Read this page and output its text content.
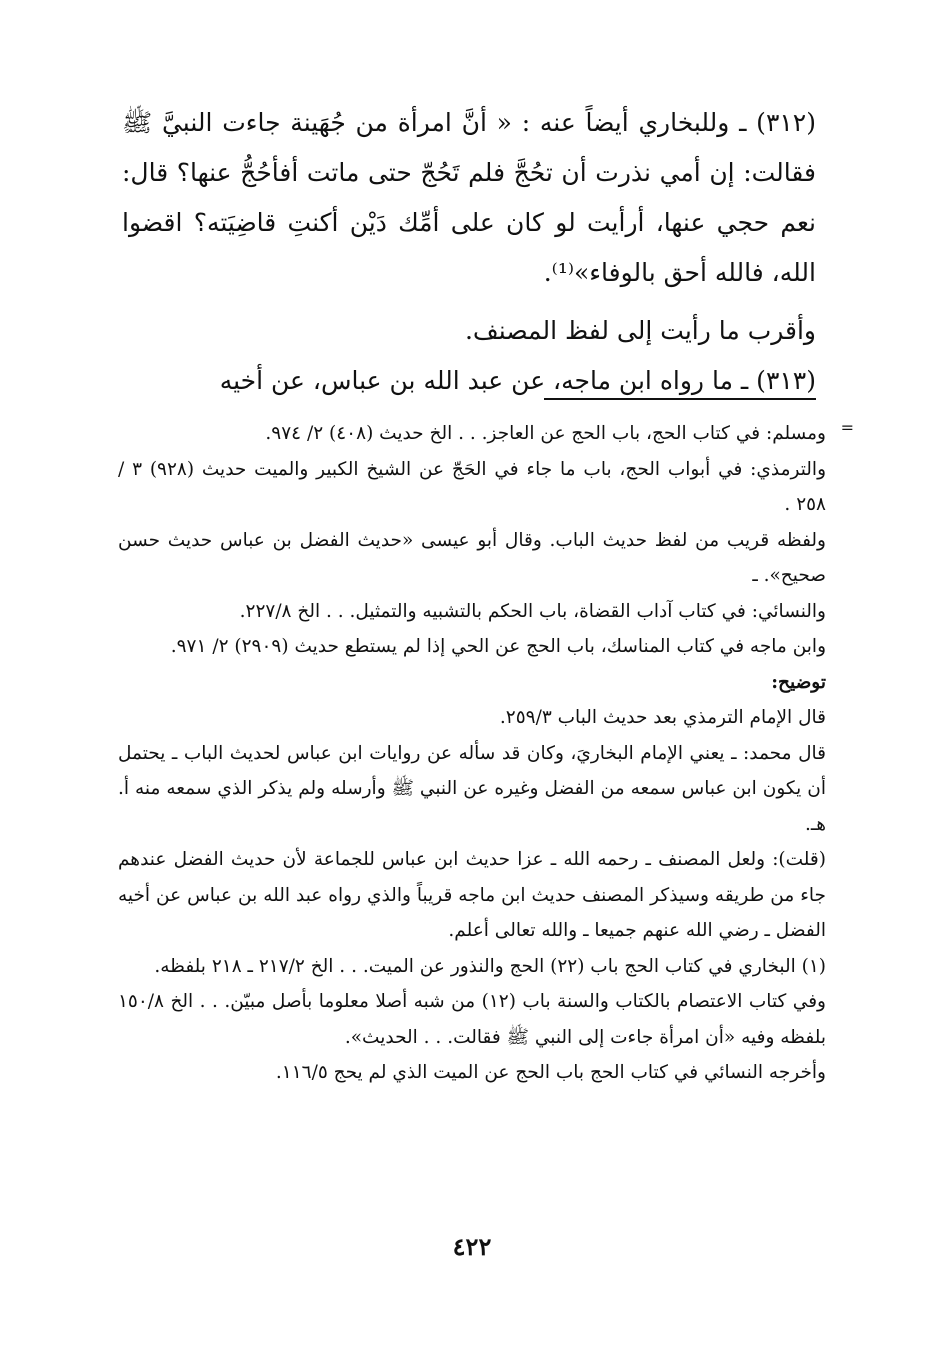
(٣١٢) ـ وللبخاري أيضاً عنه : « أنَّ امرأة من جُهَينة جاءت النبيَّ ﷺ فقالت: إن أمي نذرت أن تحُجَّ فلم تَحُجّ حتى ماتت أفأحُجُّ عنها؟ قال: نعم حجي عنها، أرأيت لو كان على أمِّك دَيْن أكنتِ قاضِيَته؟ اقضوا الله، فالله أحق بالوفاء»⁽¹⁾.

وأقرب ما رأيت إلى لفظ المصنف.

(٣١٣) ـ ما رواه ابن ماجه، عن عبد الله بن عباس، عن أخيه

=

ومسلم: في كتاب الحج، باب الحج عن العاجز. . . الخ حديث (٤٠٨) ٢/ ٩٧٤.

والترمذي: في أبواب الحج، باب ما جاء في الحَجّ عن الشيخ الكبير والميت حديث (٩٢٨) ٣ / ٢٥٨ .

ولفظه قريب من لفظ حديث الباب. وقال أبو عيسى «حديث الفضل بن عباس حديث حسن صحيح». ـ

والنسائي: في كتاب آداب القضاة، باب الحكم بالتشبيه والتمثيل. . . الخ ٢٢٧/٨.

وابن ماجه في كتاب المناسك، باب الحج عن الحي إذا لم يستطع حديث (٢٩٠٩) ٢/ ٩٧١.

توضيح:

قال الإمام الترمذي بعد حديث الباب ٢٥٩/٣.

قال محمد: ـ يعني الإمام البخاريَ، وكان قد سأله عن روايات ابن عباس لحديث الباب ـ يحتمل أن يكون ابن عباس سمعه من الفضل وغيره عن النبي ﷺ وأرسله ولم يذكر الذي سمعه منه أ. هـ.

(قلت): ولعل المصنف ـ رحمه الله ـ عزا حديث ابن عباس للجماعة لأن حديث الفضل عندهم جاء من طريقه وسيذكر المصنف حديث ابن ماجه قريباً والذي رواه عبد الله بن عباس عن أخيه الفضل ـ رضي الله عنهم جميعا ـ والله تعالى أعلم.

(١) البخاري في كتاب الحج باب (٢٢) الحج والنذور عن الميت. . . الخ ٢١٧/٢ ـ ٢١٨ بلفظه.

وفي كتاب الاعتصام بالكتاب والسنة باب (١٢) من شبه أصلا معلوما بأصل مبيّن. . . الخ ١٥٠/٨ بلفظه وفيه «أن امرأة جاءت إلى النبي ﷺ فقالت. . . الحديث».

وأخرجه النسائي في كتاب الحج باب الحج عن الميت الذي لم يحج ١١٦/٥.

٤٢٢
